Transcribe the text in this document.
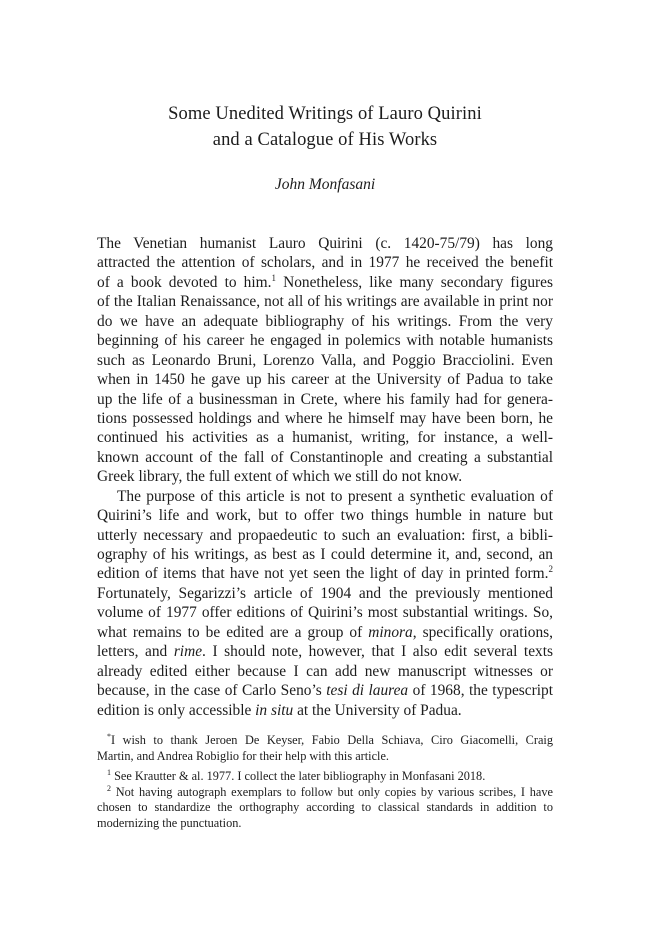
Some Unedited Writings of Lauro Quirini
and a Catalogue of His Works
John Monfasani
The Venetian humanist Lauro Quirini (c. 1420-75/79) has long
attracted the attention of scholars, and in 1977 he received the benefit
of a book devoted to him.$^1$ Nonetheless, like many secondary figures
of the Italian Renaissance, not all of his writings are available in print nor
do we have an adequate bibliography of his writings. From the very
beginning of his career he engaged in polemics with notable humanists
such as Leonardo Bruni, Lorenzo Valla, and Poggio Bracciolini. Even
when in 1450 he gave up his career at the University of Padua to take
up the life of a businessman in Crete, where his family had for genera-
tions possessed holdings and where he himself may have been born, he
continued his activities as a humanist, writing, for instance, a well-
known account of the fall of Constantinople and creating a substantial
Greek library, the full extent of which we still do not know.
The purpose of this article is not to present a synthetic evaluation of
Quirini’s life and work, but to offer two things humble in nature but
utterly necessary and propaedeutic to such an evaluation: first, a bibli-
ography of his writings, as best as I could determine it, and, second, an
edition of items that have not yet seen the light of day in printed form.$^2$
Fortunately, Segarizzi’s article of 1904 and the previously mentioned
volume of 1977 offer editions of Quirini’s most substantial writings. So,
what remains to be edited are a group of minora, specifically orations,
letters, and rime. I should note, however, that I also edit several texts
already edited either because I can add new manuscript witnesses or
because, in the case of Carlo Seno’s tesi di laurea of 1968, the typescript
edition is only accessible in situ at the University of Padua.
*I wish to thank Jeroen De Keyser, Fabio Della Schiava, Ciro Giacomelli, Craig
Martin, and Andrea Robiglio for their help with this article.
$^1$ See Krautter & al. 1977. I collect the later bibliography in Monfasani 2018.
$^2$ Not having autograph exemplars to follow but only copies by various scribes, I have
chosen to standardize the orthography according to classical standards in addition to
modernizing the punctuation.
